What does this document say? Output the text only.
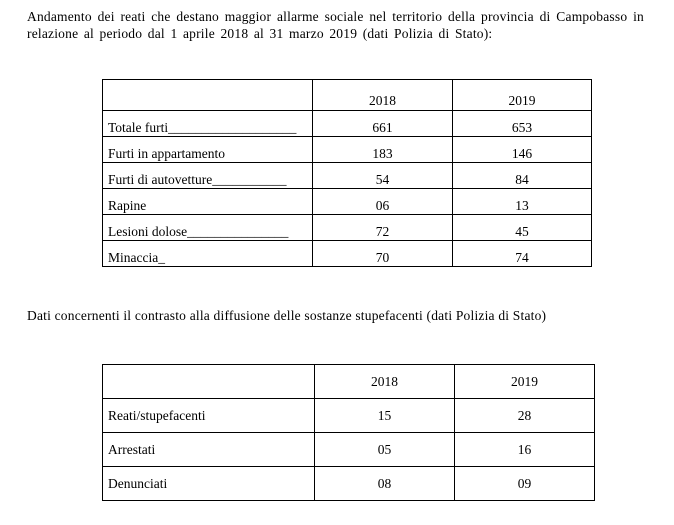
Andamento dei reati che destano maggior allarme sociale nel territorio della provincia di Campobasso in relazione al periodo dal 1 aprile 2018 al 31 marzo 2019 (dati Polizia di Stato):

	2018	2019
Totale furti___________________	661	653
Furti in appartamento	183	146
Furti di autovetture___________	54	84
Rapine	06	13
Lesioni dolose_______________	72	45
Minaccia_	70	74

Dati concernenti il contrasto alla diffusione delle sostanze stupefacenti (dati Polizia di Stato)

	2018	2019
Reati/stupefacenti	15	28
Arrestati	05	16
Denunciati	08	09
